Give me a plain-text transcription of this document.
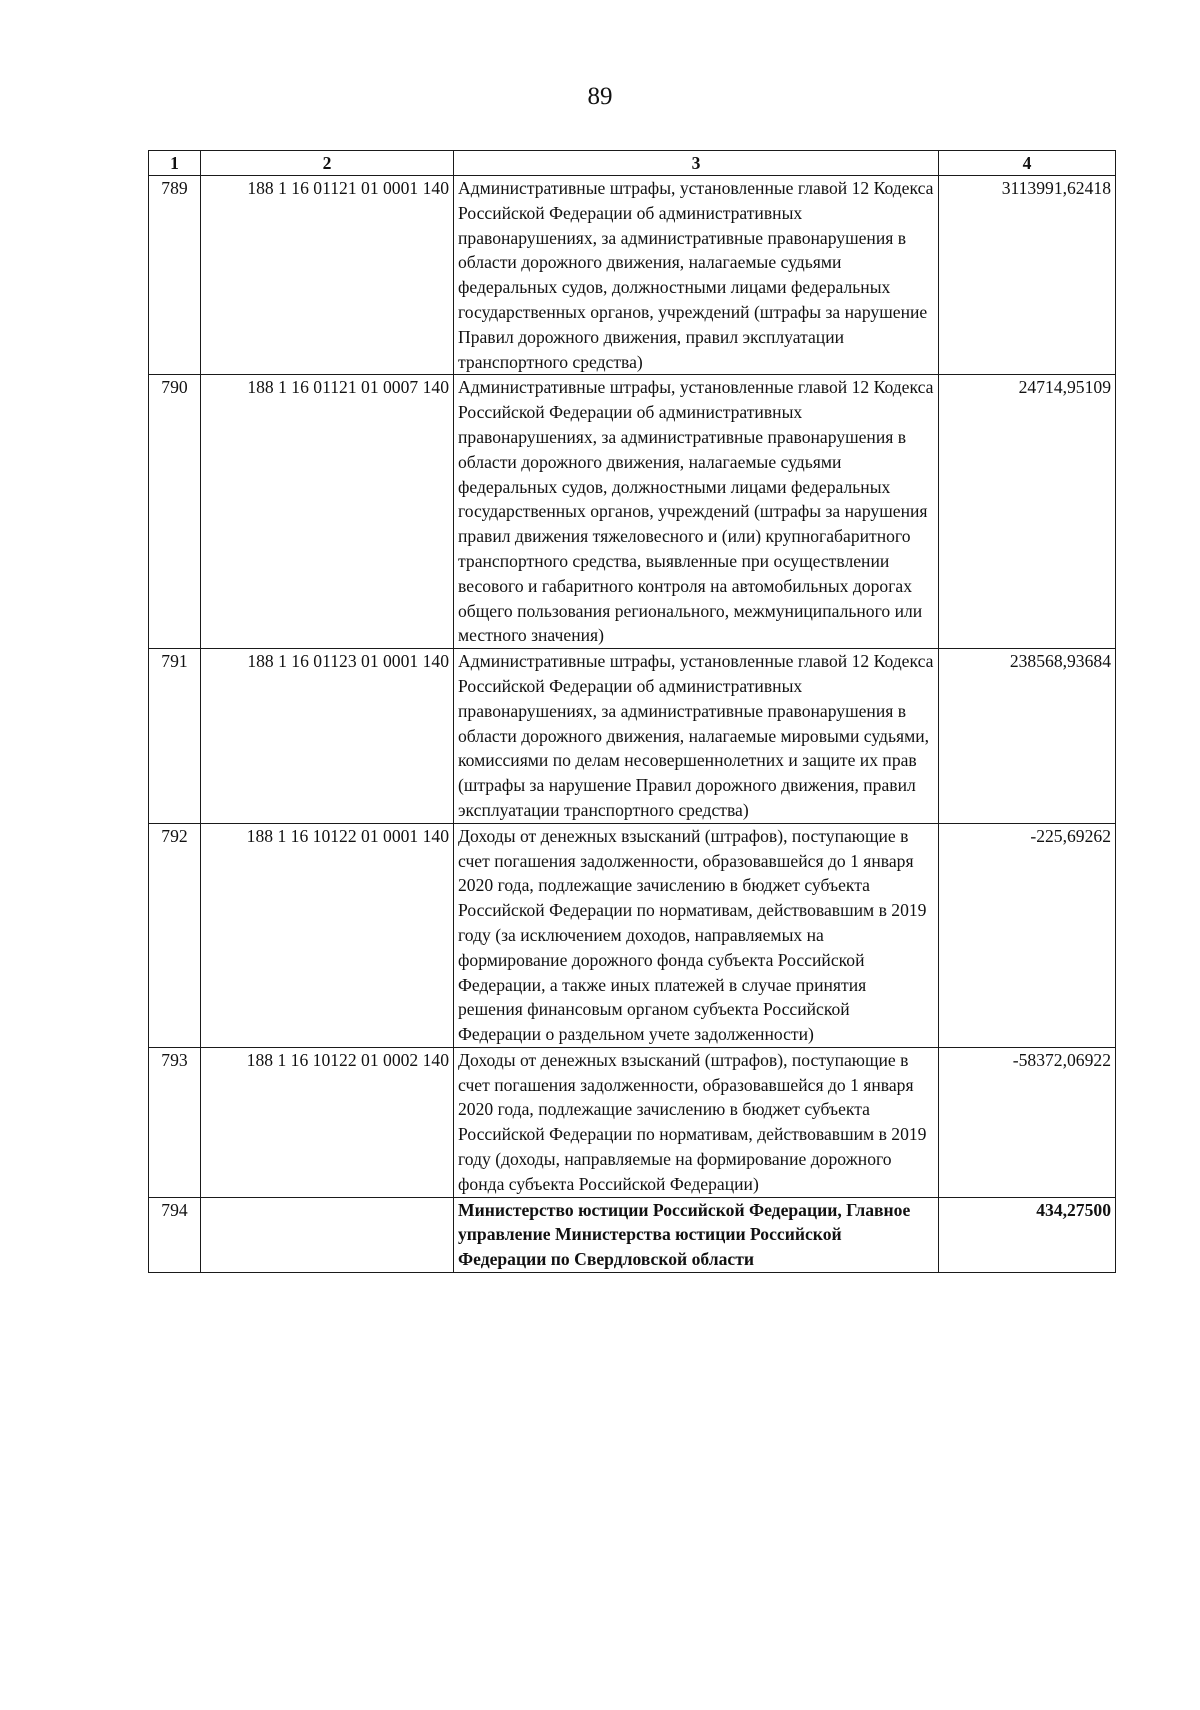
89
1	2	3	4
789	188 1 16 01121 01 0001 140	Административные штрафы, установленные главой 12 Кодекса Российской Федерации об административных правонарушениях, за административные правонарушения в области дорожного движения, налагаемые судьями федеральных судов, должностными лицами федеральных государственных органов, учреждений (штрафы за нарушение Правил дорожного движения, правил эксплуатации транспортного средства)	3113991,62418
790	188 1 16 01121 01 0007 140	Административные штрафы, установленные главой 12 Кодекса Российской Федерации об административных правонарушениях, за административные правонарушения в области дорожного движения, налагаемые судьями федеральных судов, должностными лицами федеральных государственных органов, учреждений (штрафы за нарушения правил движения тяжеловесного и (или) крупногабаритного транспортного средства, выявленные при осуществлении весового и габаритного контроля на автомобильных дорогах общего пользования регионального, межмуниципального или местного значения)	24714,95109
791	188 1 16 01123 01 0001 140	Административные штрафы, установленные главой 12 Кодекса Российской Федерации об административных правонарушениях, за административные правонарушения в области дорожного движения, налагаемые мировыми судьями, комиссиями по делам несовершеннолетних и защите их прав (штрафы за нарушение Правил дорожного движения, правил эксплуатации транспортного средства)	238568,93684
792	188 1 16 10122 01 0001 140	Доходы от денежных взысканий (штрафов), поступающие в счет погашения задолженности, образовавшейся до 1 января 2020 года, подлежащие зачислению в бюджет субъекта Российской Федерации по нормативам, действовавшим в 2019 году (за исключением доходов, направляемых на формирование дорожного фонда субъекта Российской Федерации, а также иных платежей в случае принятия решения финансовым органом субъекта Российской Федерации о раздельном учете задолженности)	-225,69262
793	188 1 16 10122 01 0002 140	Доходы от денежных взысканий (штрафов), поступающие в счет погашения задолженности, образовавшейся до 1 января 2020 года, подлежащие зачислению в бюджет субъекта Российской Федерации по нормативам, действовавшим в 2019 году (доходы, направляемые на формирование дорожного фонда субъекта Российской Федерации)	-58372,06922
794		Министерство юстиции Российской Федерации, Главное управление Министерства юстиции Российской Федерации по Свердловской области	434,27500
